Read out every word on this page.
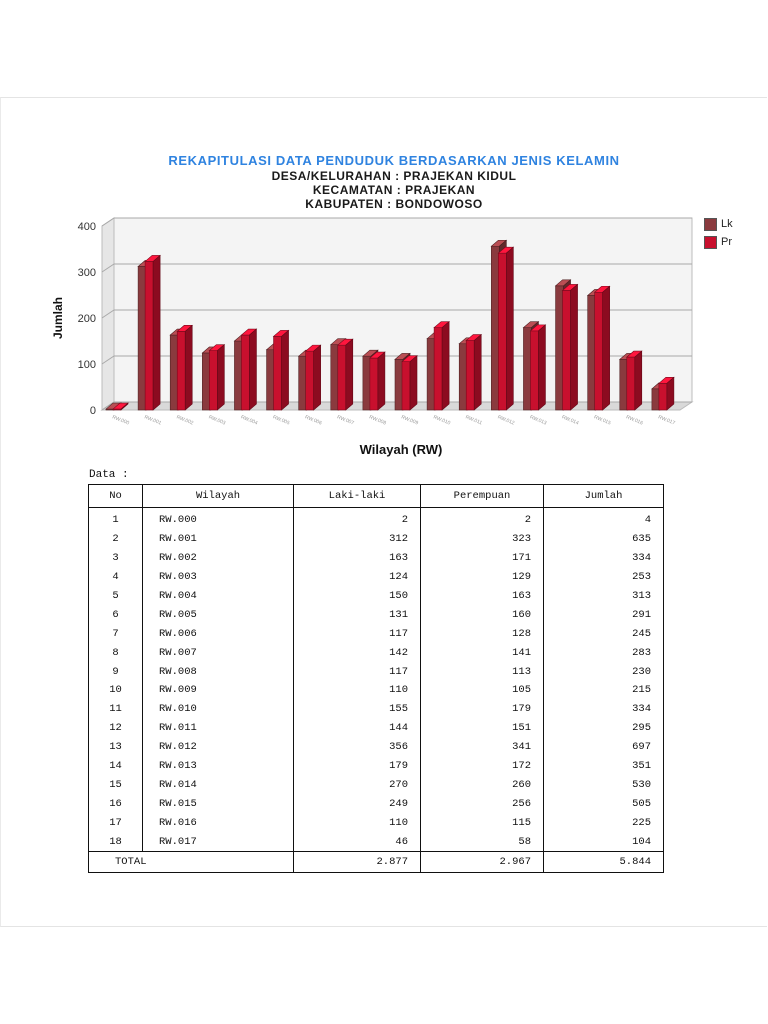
REKAPITULASI DATA PENDUDUK BERDASARKAN JENIS KELAMIN
DESA/KELURAHAN : PRAJEKAN KIDUL
KECAMATAN : PRAJEKAN
KABUPATEN : BONDOWOSO
0
100
200
300
400
Jumlah
RW.000	RW.001	RW.002	RW.003	RW.004	RW.005	RW.006	RW.007	RW.008	RW.009	RW.010	RW.011	RW.012	RW.013	RW.014	RW.015	RW.016	RW.017
Wilayah (RW)
Lk
Pr
Data :
No	Wilayah	Laki-laki	Perempuan	Jumlah
1	RW.000	2	2	4
2	RW.001	312	323	635
3	RW.002	163	171	334
4	RW.003	124	129	253
5	RW.004	150	163	313
6	RW.005	131	160	291
7	RW.006	117	128	245
8	RW.007	142	141	283
9	RW.008	117	113	230
10	RW.009	110	105	215
11	RW.010	155	179	334
12	RW.011	144	151	295
13	RW.012	356	341	697
14	RW.013	179	172	351
15	RW.014	270	260	530
16	RW.015	249	256	505
17	RW.016	110	115	225
18	RW.017	46	58	104
TOTAL		2.877	2.967	5.844
